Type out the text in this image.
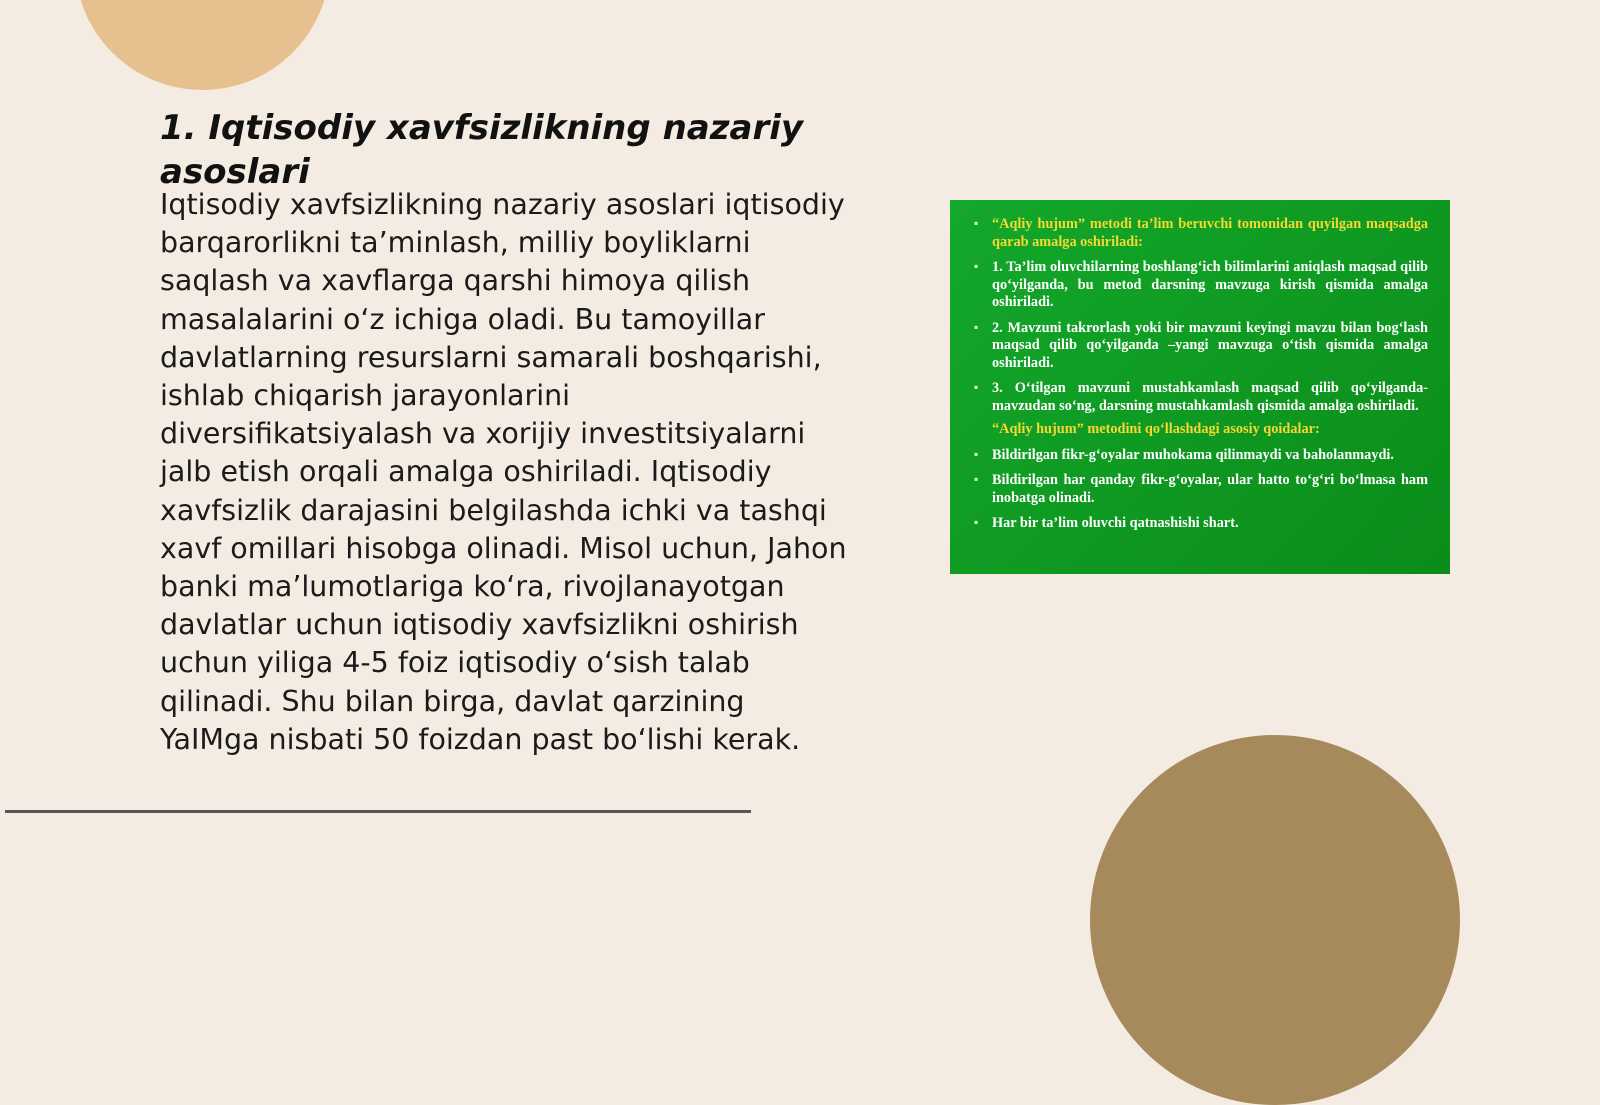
1. Iqtisodiy xavfsizlikning nazariy asoslari

Iqtisodiy xavfsizlikning nazariy asoslari iqtisodiy barqarorlikni ta’minlash, milliy boyliklarni saqlash va xavflarga qarshi himoya qilish masalalarini o‘z ichiga oladi. Bu tamoyillar davlatlarning resurslarni samarali boshqarishi, ishlab chiqarish jarayonlarini diversifikatsiyalash va xorijiy investitsiyalarni jalb etish orqali amalga oshiriladi. Iqtisodiy xavfsizlik darajasini belgilashda ichki va tashqi xavf omillari hisobga olinadi. Misol uchun, Jahon banki ma’lumotlariga ko‘ra, rivojlanayotgan davlatlar uchun iqtisodiy xavfsizlikni oshirish uchun yiliga 4-5 foiz iqtisodiy o‘sish talab qilinadi. Shu bilan birga, davlat qarzining YaIMga nisbati 50 foizdan past bo‘lishi kerak.

▪ “Aqliy hujum” metodi ta’lim beruvchi tomonidan quyilgan maqsadga qarab amalga oshiriladi:
▪ 1. Ta’lim oluvchilarning boshlang‘ich bilimlarini aniqlash maqsad qilib qo‘yilganda, bu metod darsning mavzuga kirish qismida amalga oshiriladi.
▪ 2. Mavzuni takrorlash yoki bir mavzuni keyingi mavzu bilan bog‘lash maqsad qilib qo‘yilganda –yangi mavzuga o‘tish qismida amalga oshiriladi.
▪ 3. O‘tilgan mavzuni mustahkamlash maqsad qilib qo‘yilganda-mavzudan so‘ng, darsning mustahkamlash qismida amalga oshiriladi.
“Aqliy hujum” metodini qo‘llashdagi asosiy qoidalar:
▪ Bildirilgan fikr-g‘oyalar muhokama qilinmaydi va baholanmaydi.
▪ Bildirilgan har qanday fikr-g‘oyalar, ular hatto to‘g‘ri bo‘lmasa ham inobatga olinadi.
▪ Har bir ta’lim oluvchi qatnashishi shart.
